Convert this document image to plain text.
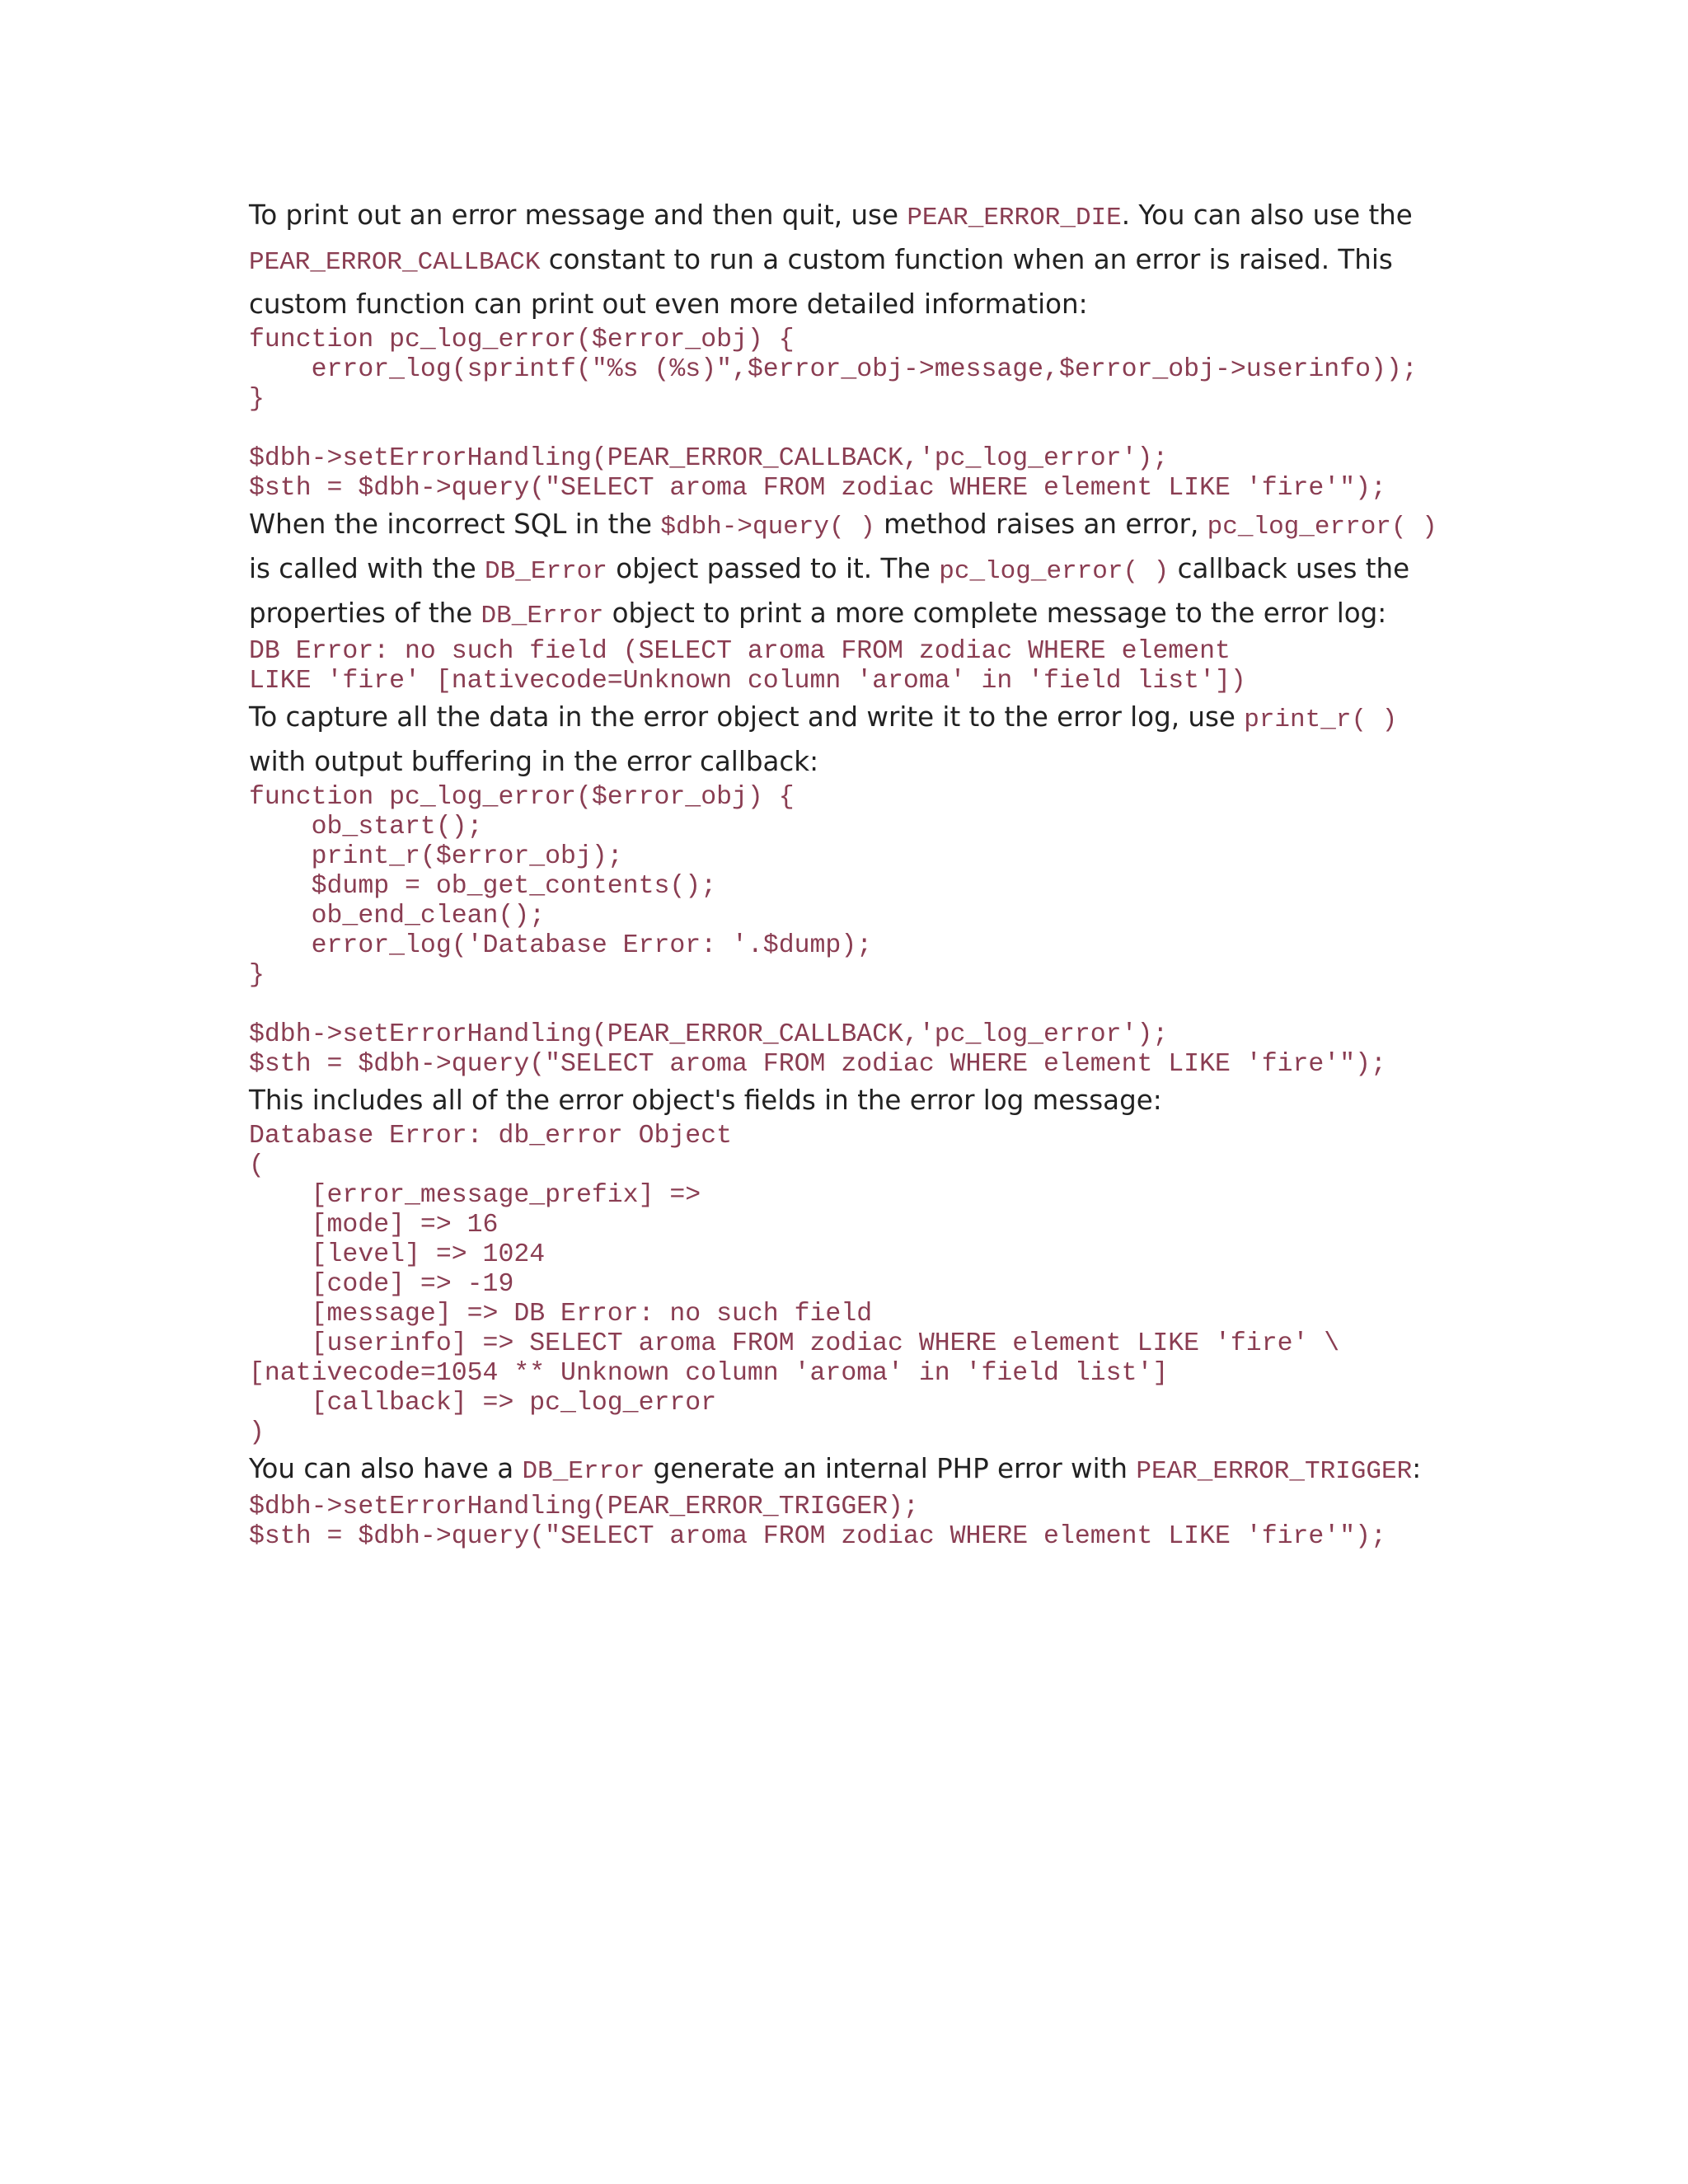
To print out an error message and then quit, use PEAR_ERROR_DIE. You can also use the PEAR_ERROR_CALLBACK constant to run a custom function when an error is raised. This custom function can print out even more detailed information:

function pc_log_error($error_obj) {
error_log(sprintf("%s (%s)",$error_obj->message,$error_obj->userinfo));
}

$dbh->setErrorHandling(PEAR_ERROR_CALLBACK,'pc_log_error');
$sth = $dbh->query("SELECT aroma FROM zodiac WHERE element LIKE 'fire'");

When the incorrect SQL in the $dbh->query( ) method raises an error, pc_log_error( ) is called with the DB_Error object passed to it. The pc_log_error( ) callback uses the properties of the DB_Error object to print a more complete message to the error log:

DB Error: no such field (SELECT aroma FROM zodiac WHERE element
LIKE 'fire' [nativecode=Unknown column 'aroma' in 'field list'])

To capture all the data in the error object and write it to the error log, use print_r( ) with output buffering in the error callback:

function pc_log_error($error_obj) {
ob_start();
print_r($error_obj);
$dump = ob_get_contents();
ob_end_clean();
error_log('Database Error: '.$dump);
}

$dbh->setErrorHandling(PEAR_ERROR_CALLBACK,'pc_log_error');
$sth = $dbh->query("SELECT aroma FROM zodiac WHERE element LIKE 'fire'");

This includes all of the error object's fields in the error log message:

Database Error: db_error Object
(
[error_message_prefix] =>
[mode] => 16
[level] => 1024
[code] => -19
[message] => DB Error: no such field
[userinfo] => SELECT aroma FROM zodiac WHERE element LIKE 'fire' \
[nativecode=1054 ** Unknown column 'aroma' in 'field list']
[callback] => pc_log_error
)

You can also have a DB_Error generate an internal PHP error with PEAR_ERROR_TRIGGER:

$dbh->setErrorHandling(PEAR_ERROR_TRIGGER);
$sth = $dbh->query("SELECT aroma FROM zodiac WHERE element LIKE 'fire'");
